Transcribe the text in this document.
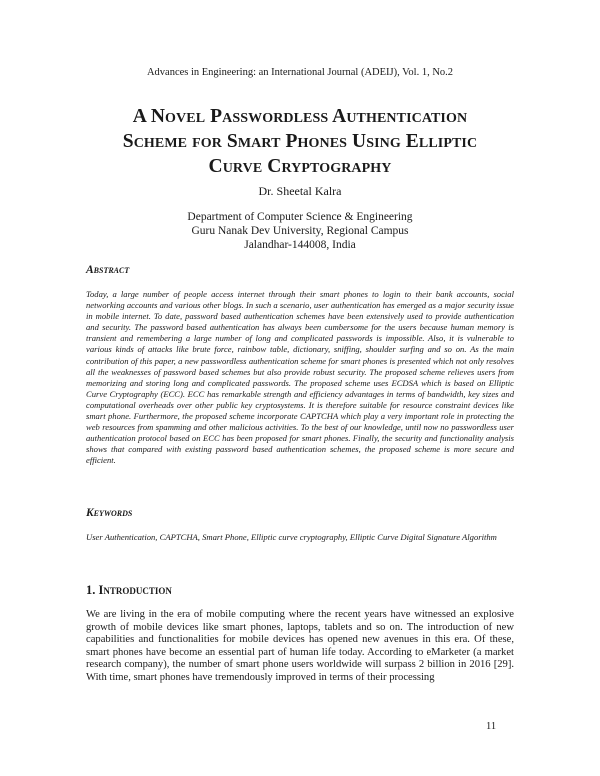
Advances in Engineering: an International Journal (ADEIJ), Vol. 1, No.2
A Novel Passwordless Authentication
Scheme for Smart Phones Using Elliptic
Curve Cryptography
Dr. Sheetal Kalra
Department of Computer Science & Engineering
Guru Nanak Dev University, Regional Campus
Jalandhar-144008, India
Abstract
Today, a large number of people access internet through their smart phones to login to their bank accounts, social networking accounts and various other blogs. In such a scenario, user authentication has emerged as a major security issue in mobile internet. To date, password based authentication schemes have been extensively used to provide authentication and security. The password based authentication has always been cumbersome for the users because human memory is transient and remembering a large number of long and complicated passwords is impossible. Also, it is vulnerable to various kinds of attacks like brute force, rainbow table, dictionary, sniffing, shoulder surfing and so on. As the main contribution of this paper, a new passwordless authentication scheme for smart phones is presented which not only resolves all the weaknesses of password based schemes but also provide robust security. The proposed scheme relieves users from memorizing and storing long and complicated passwords. The proposed scheme uses ECDSA which is based on Elliptic Curve Cryptography (ECC). ECC has remarkable strength and efficiency advantages in terms of bandwidth, key sizes and computational overheads over other public key cryptosystems. It is therefore suitable for resource constraint devices like smart phone. Furthermore, the proposed scheme incorporate CAPTCHA which play a very important role in protecting the web resources from spamming and other malicious activities. To the best of our knowledge, until now no passwordless user authentication protocol based on ECC has been proposed for smart phones. Finally, the security and functionality analysis shows that compared with existing password based authentication schemes, the proposed scheme is more secure and efficient.
Keywords
User Authentication, CAPTCHA, Smart Phone, Elliptic curve cryptography, Elliptic Curve Digital Signature Algorithm
1. Introduction
We are living in the era of mobile computing where the recent years have witnessed an explosive growth of mobile devices like smart phones, laptops, tablets and so on. The introduction of new capabilities and functionalities for mobile devices has opened new avenues in this era. Of these, smart phones have become an essential part of human life today. According to eMarketer (a market research company), the number of smart phone users worldwide will surpass 2 billion in 2016 [29]. With time, smart phones have tremendously improved in terms of their processing
11
